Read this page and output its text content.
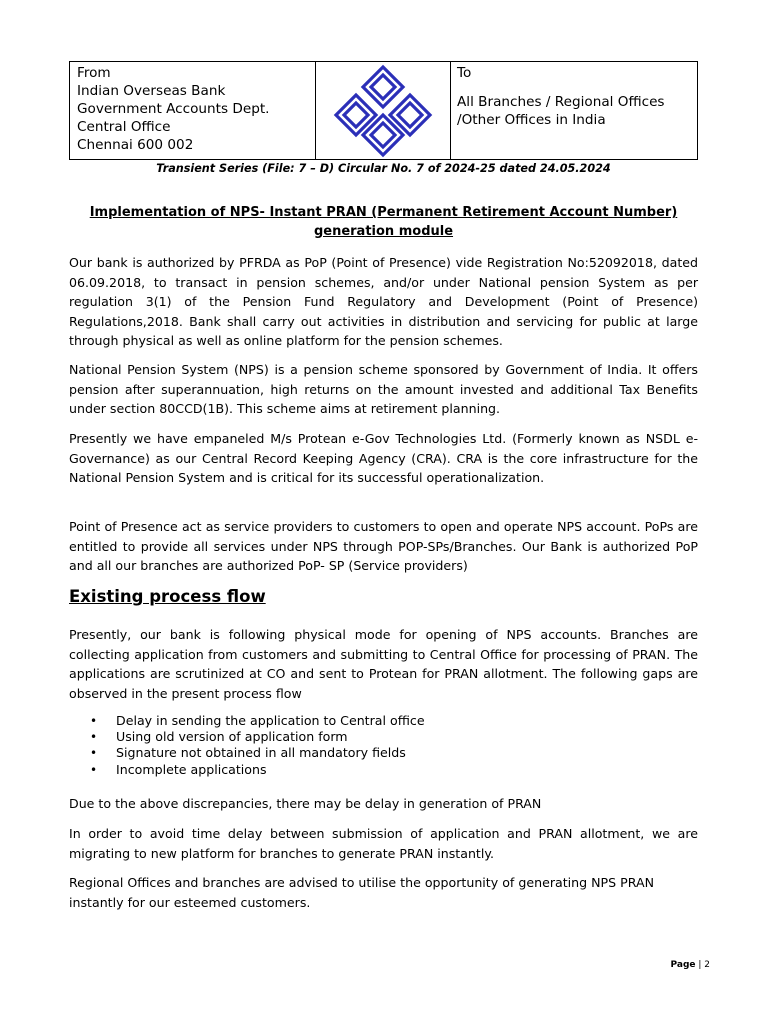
From
Indian Overseas Bank
Government Accounts Dept.
Central Office
Chennai 600 002
To
All Branches / Regional Offices
/Other Offices in India
Transient Series (File: 7 – D) Circular No. 7 of 2024-25 dated 24.05.2024
Implementation of NPS- Instant PRAN (Permanent Retirement Account Number)
generation module

Our bank is authorized by PFRDA as PoP (Point of Presence) vide Registration No:52092018, dated 06.09.2018, to transact in pension schemes, and/or under National pension System as per regulation 3(1) of the Pension Fund Regulatory and Development (Point of Presence) Regulations,2018. Bank shall carry out activities in distribution and servicing for public at large through physical as well as online platform for the pension schemes.

National Pension System (NPS) is a pension scheme sponsored by Government of India. It offers pension after superannuation, high returns on the amount invested and additional Tax Benefits under section 80CCD(1B). This scheme aims at retirement planning.

Presently we have empaneled M/s Protean e-Gov Technologies Ltd. (Formerly known as NSDL e-Governance) as our Central Record Keeping Agency (CRA). CRA is the core infrastructure for the National Pension System and is critical for its successful operationalization.

Point of Presence act as service providers to customers to open and operate NPS account. PoPs are entitled to provide all services under NPS through POP-SPs/Branches. Our Bank is authorized PoP and all our branches are authorized PoP- SP (Service providers)

Existing process flow

Presently, our bank is following physical mode for opening of NPS accounts. Branches are collecting application from customers and submitting to Central Office for processing of PRAN. The applications are scrutinized at CO and sent to Protean for PRAN allotment. The following gaps are observed in the present process flow

• Delay in sending the application to Central office
• Using old version of application form
• Signature not obtained in all mandatory fields
• Incomplete applications

Due to the above discrepancies, there may be delay in generation of PRAN

In order to avoid time delay between submission of application and PRAN allotment, we are migrating to new platform for branches to generate PRAN instantly.

Regional Offices and branches are advised to utilise the opportunity of generating NPS PRAN instantly for our esteemed customers.

Page | 2
